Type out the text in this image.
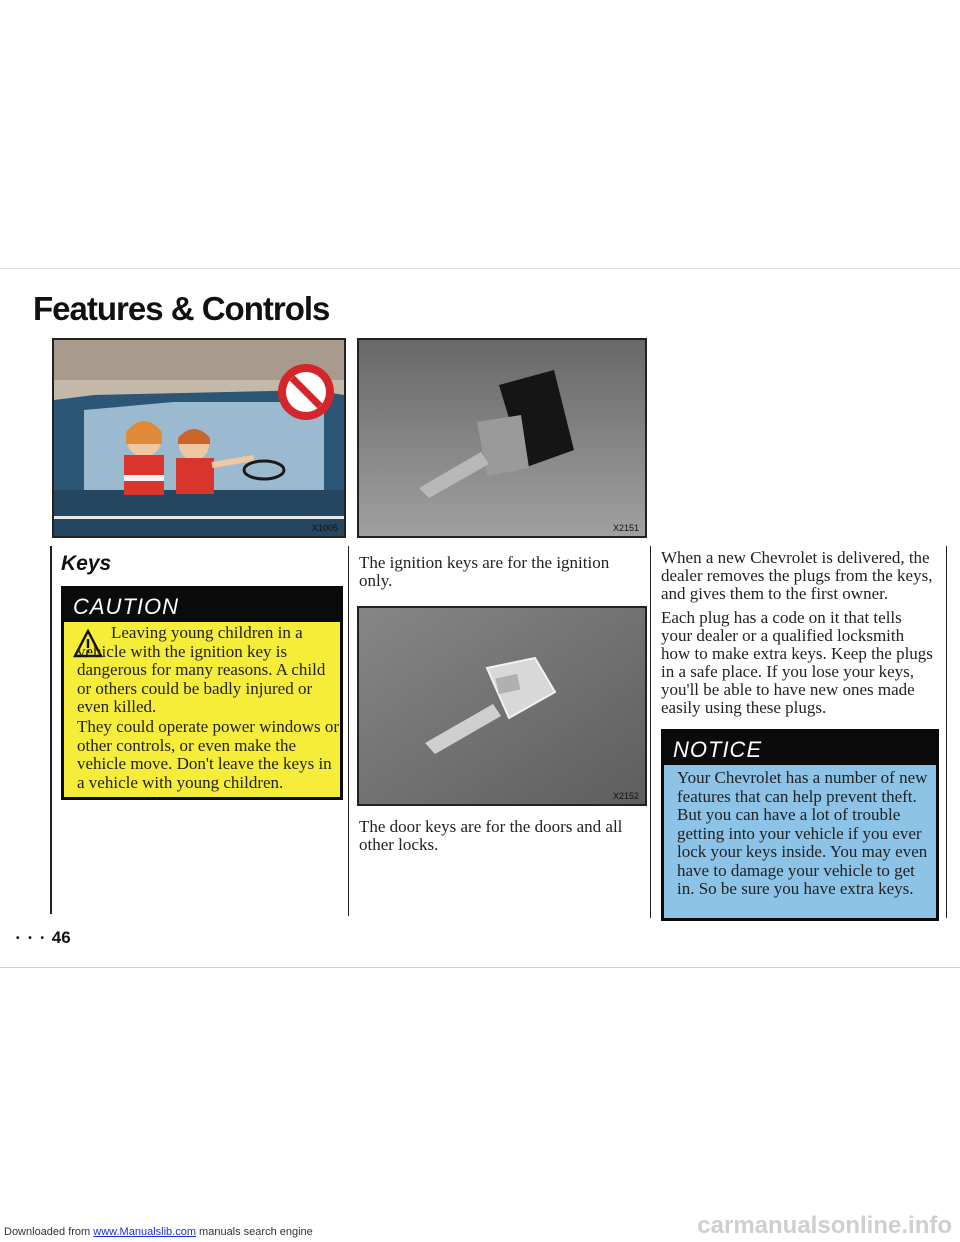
Features & Controls
X1005	X2151
Keys
CAUTION
Leaving young children in a vehicle with the ignition key is dangerous for many reasons. A child or others could be badly injured or even killed.
They could operate power windows or other controls, or even make the vehicle move. Don't leave the keys in a vehicle with young children.
The ignition keys are for the ignition only.
X2152
The door keys are for the doors and all other locks.
When a new Chevrolet is delivered, the dealer removes the plugs from the keys, and gives them to the first owner.
Each plug has a code on it that tells your dealer or a qualified locksmith how to make extra keys. Keep the plugs in a safe place. If you lose your keys, you'll be able to have new ones made easily using these plugs.
NOTICE
Your Chevrolet has a number of new features that can help prevent theft. But you can have a lot of trouble getting into your vehicle if you ever lock your keys inside. You may even have to damage your vehicle to get in. So be sure you have extra keys.
• • • 46
Downloaded from www.Manualslib.com manuals search engine	carmanualsonline.info
